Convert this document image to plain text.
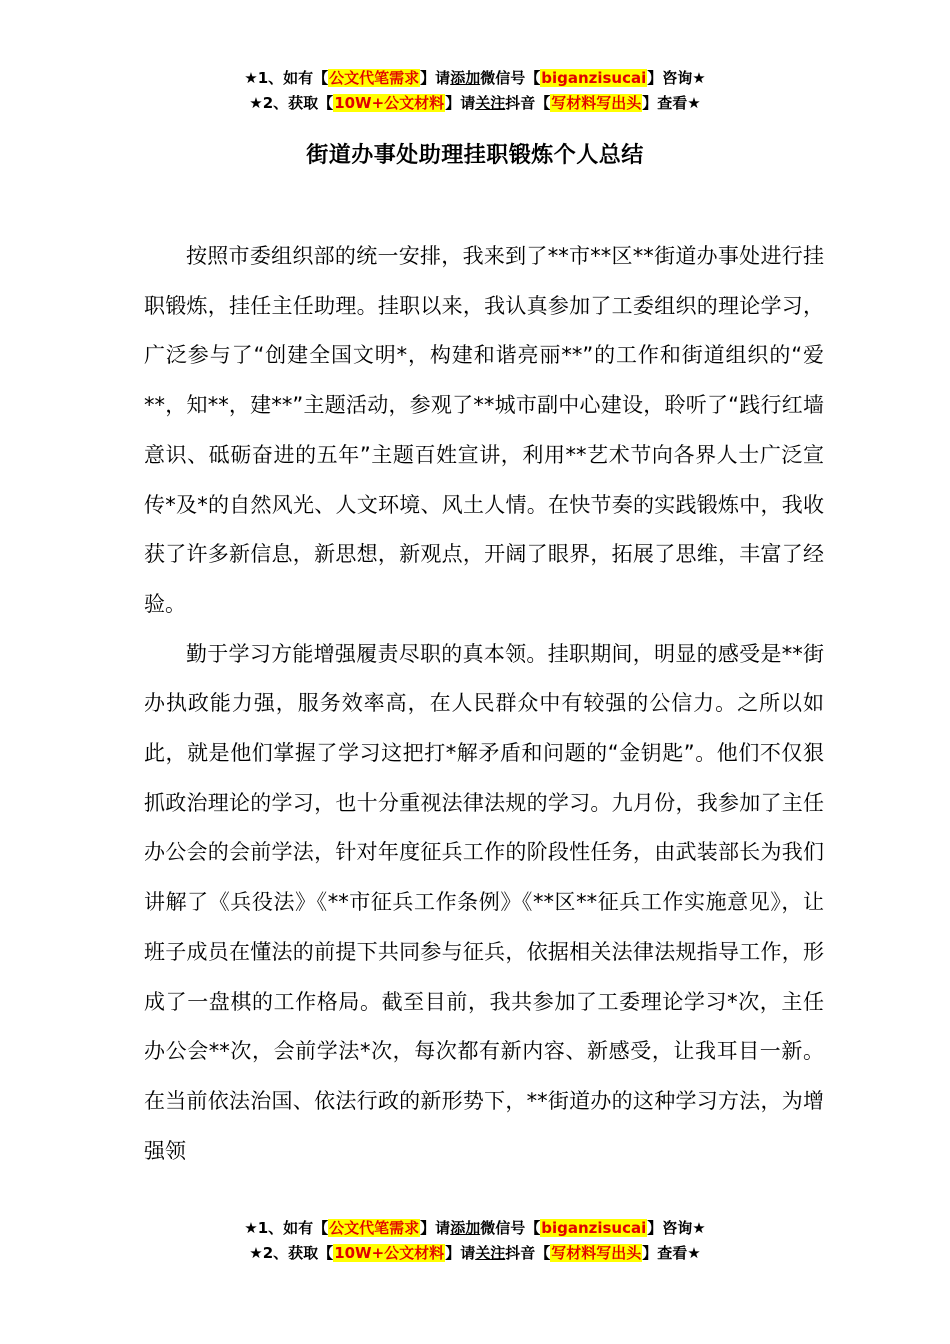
★1、如有【公文代笔需求】请添加微信号【biganzisucai】咨询★
★2、获取【10W+公文材料】请关注抖音【写材料写出头】查看★
街道办事处助理挂职锻炼个人总结

按照市委组织部的统一安排，我来到了**市**区**街道办事处进行挂职锻炼，挂任主任助理。挂职以来，我认真参加了工委组织的理论学习，广泛参与了“创建全国文明*，构建和谐亮丽**”的工作和街道组织的“爱**，知**，建**”主题活动，参观了**城市副中心建设，聆听了“践行红墙意识、砥砺奋进的五年”主题百姓宣讲，利用**艺术节向各界人士广泛宣传*及*的自然风光、人文环境、风土人情。在快节奏的实践锻炼中，我收获了许多新信息，新思想，新观点，开阔了眼界，拓展了思维，丰富了经验。

勤于学习方能增强履责尽职的真本领。挂职期间，明显的感受是**街办执政能力强，服务效率高，在人民群众中有较强的公信力。之所以如此，就是他们掌握了学习这把打*解矛盾和问题的“金钥匙”。他们不仅狠抓政治理论的学习，也十分重视法律法规的学习。九月份，我参加了主任办公会的会前学法，针对年度征兵工作的阶段性任务，由武装部长为我们讲解了《兵役法》《**市征兵工作条例》《**区**征兵工作实施意见》，让班子成员在懂法的前提下共同参与征兵，依据相关法律法规指导工作，形成了一盘棋的工作格局。截至目前，我共参加了工委理论学习*次，主任办公会**次，会前学法*次，每次都有新内容、新感受，让我耳目一新。在当前依法治国、依法行政的新形势下，**街道办的这种学习方法，为增强领

★1、如有【公文代笔需求】请添加微信号【biganzisucai】咨询★
★2、获取【10W+公文材料】请关注抖音【写材料写出头】查看★
